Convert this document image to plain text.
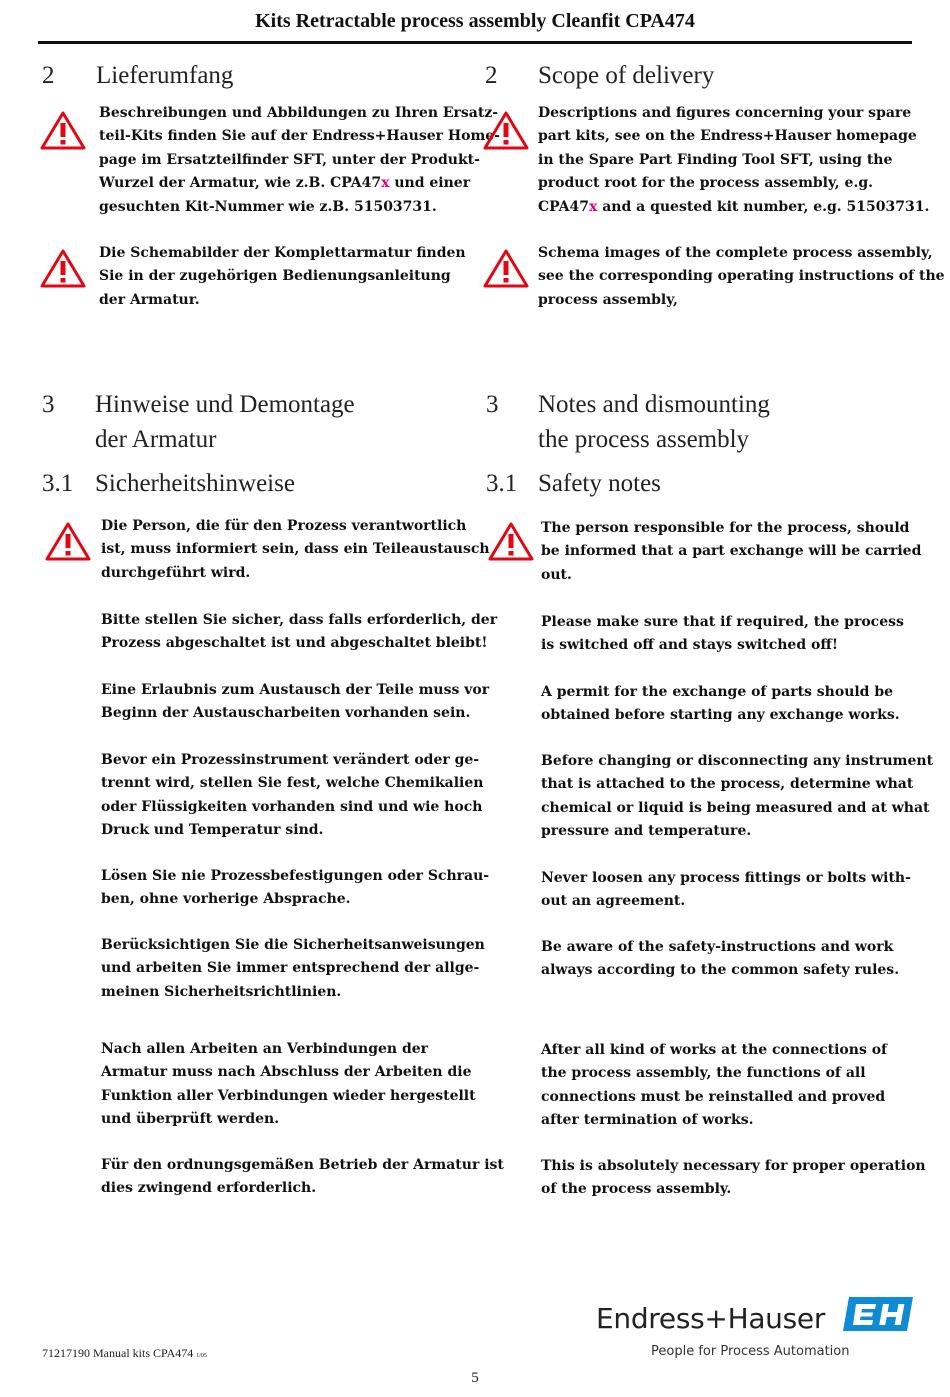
Kits Retractable process assembly Cleanfit CPA474
2 Lieferumfang	2 Scope of delivery
Beschreibungen und Abbildungen zu Ihren Ersatz-
teil-Kits finden Sie auf der Endress+Hauser Home-
page im Ersatzteilfinder SFT, unter der Produkt-
Wurzel der Armatur, wie z.B. CPA47x und einer
gesuchten Kit-Nummer wie z.B. 51503731.
Descriptions and figures concerning your spare
part kits, see on the Endress+Hauser homepage
in the Spare Part Finding Tool SFT, using the
product root for the process assembly, e.g.
CPA47x and a quested kit number, e.g. 51503731.
Die Schemabilder der Komplettarmatur finden
Sie in der zugehörigen Bedienungsanleitung
der Armatur.
Schema images of the complete process assembly,
see the corresponding operating instructions of the
process assembly,
3 Hinweise und Demontage
der Armatur
3 Notes and dismounting
the process assembly
3.1 Sicherheitshinweise	3.1 Safety notes
Die Person, die für den Prozess verantwortlich
ist, muss informiert sein, dass ein Teileaustausch
durchgeführt wird.
Bitte stellen Sie sicher, dass falls erforderlich, der
Prozess abgeschaltet ist und abgeschaltet bleibt!
Eine Erlaubnis zum Austausch der Teile muss vor
Beginn der Austauscharbeiten vorhanden sein.
Bevor ein Prozessinstrument verändert oder ge-
trennt wird, stellen Sie fest, welche Chemikalien
oder Flüssigkeiten vorhanden sind und wie hoch
Druck und Temperatur sind.
Lösen Sie nie Prozessbefestigungen oder Schrau-
ben, ohne vorherige Absprache.
Berücksichtigen Sie die Sicherheitsanweisungen
und arbeiten Sie immer entsprechend der allge-
meinen Sicherheitsrichtlinien.
Nach allen Arbeiten an Verbindungen der
Armatur muss nach Abschluss der Arbeiten die
Funktion aller Verbindungen wieder hergestellt
und überprüft werden.
Für den ordnungsgemäßen Betrieb der Armatur ist
dies zwingend erforderlich.
The person responsible for the process, should
be informed that a part exchange will be carried
out.
Please make sure that if required, the process
is switched off and stays switched off!
A permit for the exchange of parts should be
obtained before starting any exchange works.
Before changing or disconnecting any instrument
that is attached to the process, determine what
chemical or liquid is being measured and at what
pressure and temperature.
Never loosen any process fittings or bolts with-
out an agreement.
Be aware of the safety-instructions and work
always according to the common safety rules.
After all kind of works at the connections of
the process assembly, the functions of all
connections must be reinstalled and proved
after termination of works.
This is absolutely necessary for proper operation
of the process assembly.
Endress+Hauser
People for Process Automation
71217190 Manual kits CPA474 1/05
5
